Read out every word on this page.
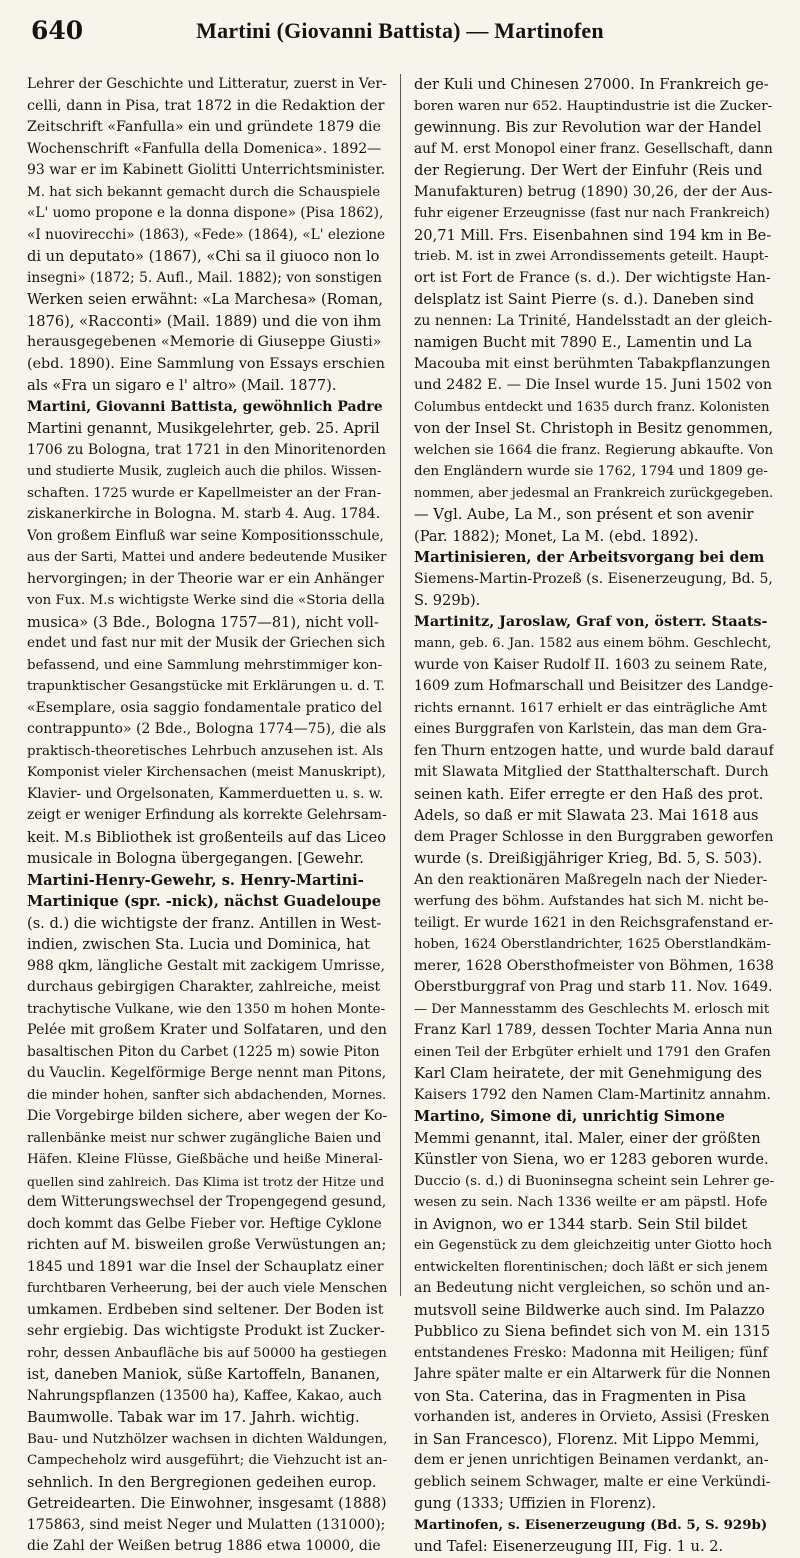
640	Martini (Giovanni Battista) — Martinofen
Lehrer der Geschichte und Litteratur, zuerst in Ver-
celli, dann in Pisa, trat 1872 in die Redaktion der
Zeitschrift «Fanfulla» ein und gründete 1879 die
Wochenschrift «Fanfulla della Domenica». 1892—
93 war er im Kabinett Giolitti Unterrichtsminister.
M. hat sich bekannt gemacht durch die Schauspiele
«L' uomo propone e la donna dispone» (Pisa 1862),
«I nuovirecchi» (1863), «Fede» (1864), «L' elezione
di un deputato» (1867), «Chi sa il giuoco non lo
insegni» (1872; 5. Aufl., Mail. 1882); von sonstigen
Werken seien erwähnt: «La Marchesa» (Roman,
1876), «Racconti» (Mail. 1889) und die von ihm
herausgegebenen «Memorie di Giuseppe Giusti»
(ebd. 1890). Eine Sammlung von Essays erschien
als «Fra un sigaro e l' altro» (Mail. 1877).
Martini, Giovanni Battista, gewöhnlich Padre
Martini genannt, Musikgelehrter, geb. 25. April
1706 zu Bologna, trat 1721 in den Minoritenorden
und studierte Musik, zugleich auch die philos. Wissen-
schaften. 1725 wurde er Kapellmeister an der Fran-
ziskanerkirche in Bologna. M. starb 4. Aug. 1784.
Von großem Einfluß war seine Kompositionsschule,
aus der Sarti, Mattei und andere bedeutende Musiker
hervorgingen; in der Theorie war er ein Anhänger
von Fux. M.s wichtigste Werke sind die «Storia della
musica» (3 Bde., Bologna 1757—81), nicht voll-
endet und fast nur mit der Musik der Griechen sich
befassend, und eine Sammlung mehrstimmiger kon-
trapunktischer Gesangstücke mit Erklärungen u. d. T.
«Esemplare, osia saggio fondamentale pratico del
contrappunto» (2 Bde., Bologna 1774—75), die als
praktisch-theoretisches Lehrbuch anzusehen ist. Als
Komponist vieler Kirchensachen (meist Manuskript),
Klavier- und Orgelsonaten, Kammerduetten u. s. w.
zeigt er weniger Erfindung als korrekte Gelehrsam-
keit. M.s Bibliothek ist großenteils auf das Liceo
musicale in Bologna übergegangen. [Gewehr.
Martini-Henry-Gewehr, s. Henry-Martini-
Martinique (spr. -nick), nächst Guadeloupe
(s. d.) die wichtigste der franz. Antillen in West-
indien, zwischen Sta. Lucia und Dominica, hat
988 qkm, längliche Gestalt mit zackigem Umrisse,
durchaus gebirgigen Charakter, zahlreiche, meist
trachytische Vulkane, wie den 1350 m hohen Monte-
Pelée mit großem Krater und Solfataren, und den
basaltischen Piton du Carbet (1225 m) sowie Piton
du Vauclin. Kegelförmige Berge nennt man Pitons,
die minder hohen, sanfter sich abdachenden, Mornes.
Die Vorgebirge bilden sichere, aber wegen der Ko-
rallenbänke meist nur schwer zugängliche Baien und
Häfen. Kleine Flüsse, Gießbäche und heiße Mineral-
quellen sind zahlreich. Das Klima ist trotz der Hitze und
dem Witterungswechsel der Tropengegend gesund,
doch kommt das Gelbe Fieber vor. Heftige Cyklone
richten auf M. bisweilen große Verwüstungen an;
1845 und 1891 war die Insel der Schauplatz einer
furchtbaren Verheerung, bei der auch viele Menschen
umkamen. Erdbeben sind seltener. Der Boden ist
sehr ergiebig. Das wichtigste Produkt ist Zucker-
rohr, dessen Anbaufläche bis auf 50000 ha gestiegen
ist, daneben Maniok, süße Kartoffeln, Bananen,
Nahrungspflanzen (13500 ha), Kaffee, Kakao, auch
Baumwolle. Tabak war im 17. Jahrh. wichtig.
Bau- und Nutzhölzer wachsen in dichten Waldungen,
Campecheholz wird ausgeführt; die Viehzucht ist an-
sehnlich. In den Bergregionen gedeihen europ.
Getreidearten. Die Einwohner, insgesamt (1888)
175863, sind meist Neger und Mulatten (131000);
die Zahl der Weißen betrug 1886 etwa 10000, die
der Kuli und Chinesen 27000. In Frankreich ge-
boren waren nur 652. Hauptindustrie ist die Zucker-
gewinnung. Bis zur Revolution war der Handel
auf M. erst Monopol einer franz. Gesellschaft, dann
der Regierung. Der Wert der Einfuhr (Reis und
Manufakturen) betrug (1890) 30,26, der der Aus-
fuhr eigener Erzeugnisse (fast nur nach Frankreich)
20,71 Mill. Frs. Eisenbahnen sind 194 km in Be-
trieb. M. ist in zwei Arrondissements geteilt. Haupt-
ort ist Fort de France (s. d.). Der wichtigste Han-
delsplatz ist Saint Pierre (s. d.). Daneben sind
zu nennen: La Trinité, Handelsstadt an der gleich-
namigen Bucht mit 7890 E., Lamentin und La
Macouba mit einst berühmten Tabakpflanzungen
und 2482 E. — Die Insel wurde 15. Juni 1502 von
Columbus entdeckt und 1635 durch franz. Kolonisten
von der Insel St. Christoph in Besitz genommen,
welchen sie 1664 die franz. Regierung abkaufte. Von
den Engländern wurde sie 1762, 1794 und 1809 ge-
nommen, aber jedesmal an Frankreich zurückgegeben.
— Vgl. Aube, La M., son présent et son avenir
(Par. 1882); Monet, La M. (ebd. 1892).
Martinisieren, der Arbeitsvorgang bei dem
Siemens-Martin-Prozeß (s. Eisenerzeugung, Bd. 5,
S. 929b).
Martinitz, Jaroslaw, Graf von, österr. Staats-
mann, geb. 6. Jan. 1582 aus einem böhm. Geschlecht,
wurde von Kaiser Rudolf II. 1603 zu seinem Rate,
1609 zum Hofmarschall und Beisitzer des Landge-
richts ernannt. 1617 erhielt er das einträgliche Amt
eines Burggrafen von Karlstein, das man dem Gra-
fen Thurn entzogen hatte, und wurde bald darauf
mit Slawata Mitglied der Statthalterschaft. Durch
seinen kath. Eifer erregte er den Haß des prot.
Adels, so daß er mit Slawata 23. Mai 1618 aus
dem Prager Schlosse in den Burggraben geworfen
wurde (s. Dreißigjähriger Krieg, Bd. 5, S. 503).
An den reaktionären Maßregeln nach der Nieder-
werfung des böhm. Aufstandes hat sich M. nicht be-
teiligt. Er wurde 1621 in den Reichsgrafenstand er-
hoben, 1624 Oberstlandrichter, 1625 Oberstlandkäm-
merer, 1628 Obersthofmeister von Böhmen, 1638
Oberstburggraf von Prag und starb 11. Nov. 1649.
— Der Mannesstamm des Geschlechts M. erlosch mit
Franz Karl 1789, dessen Tochter Maria Anna nun
einen Teil der Erbgüter erhielt und 1791 den Grafen
Karl Clam heiratete, der mit Genehmigung des
Kaisers 1792 den Namen Clam-Martinitz annahm.
Martino, Simone di, unrichtig Simone
Memmi genannt, ital. Maler, einer der größten
Künstler von Siena, wo er 1283 geboren wurde.
Duccio (s. d.) di Buoninsegna scheint sein Lehrer ge-
wesen zu sein. Nach 1336 weilte er am päpstl. Hofe
in Avignon, wo er 1344 starb. Sein Stil bildet
ein Gegenstück zu dem gleichzeitig unter Giotto hoch
entwickelten florentinischen; doch läßt er sich jenem
an Bedeutung nicht vergleichen, so schön und an-
mutsvoll seine Bildwerke auch sind. Im Palazzo
Pubblico zu Siena befindet sich von M. ein 1315
entstandenes Fresko: Madonna mit Heiligen; fünf
Jahre später malte er ein Altarwerk für die Nonnen
von Sta. Caterina, das in Fragmenten in Pisa
vorhanden ist, anderes in Orvieto, Assisi (Fresken
in San Francesco), Florenz. Mit Lippo Memmi,
dem er jenen unrichtigen Beinamen verdankt, an-
geblich seinem Schwager, malte er eine Verkündi-
gung (1333; Uffizien in Florenz).
Martinofen, s. Eisenerzeugung (Bd. 5, S. 929b)
und Tafel: Eisenerzeugung III, Fig. 1 u. 2.
